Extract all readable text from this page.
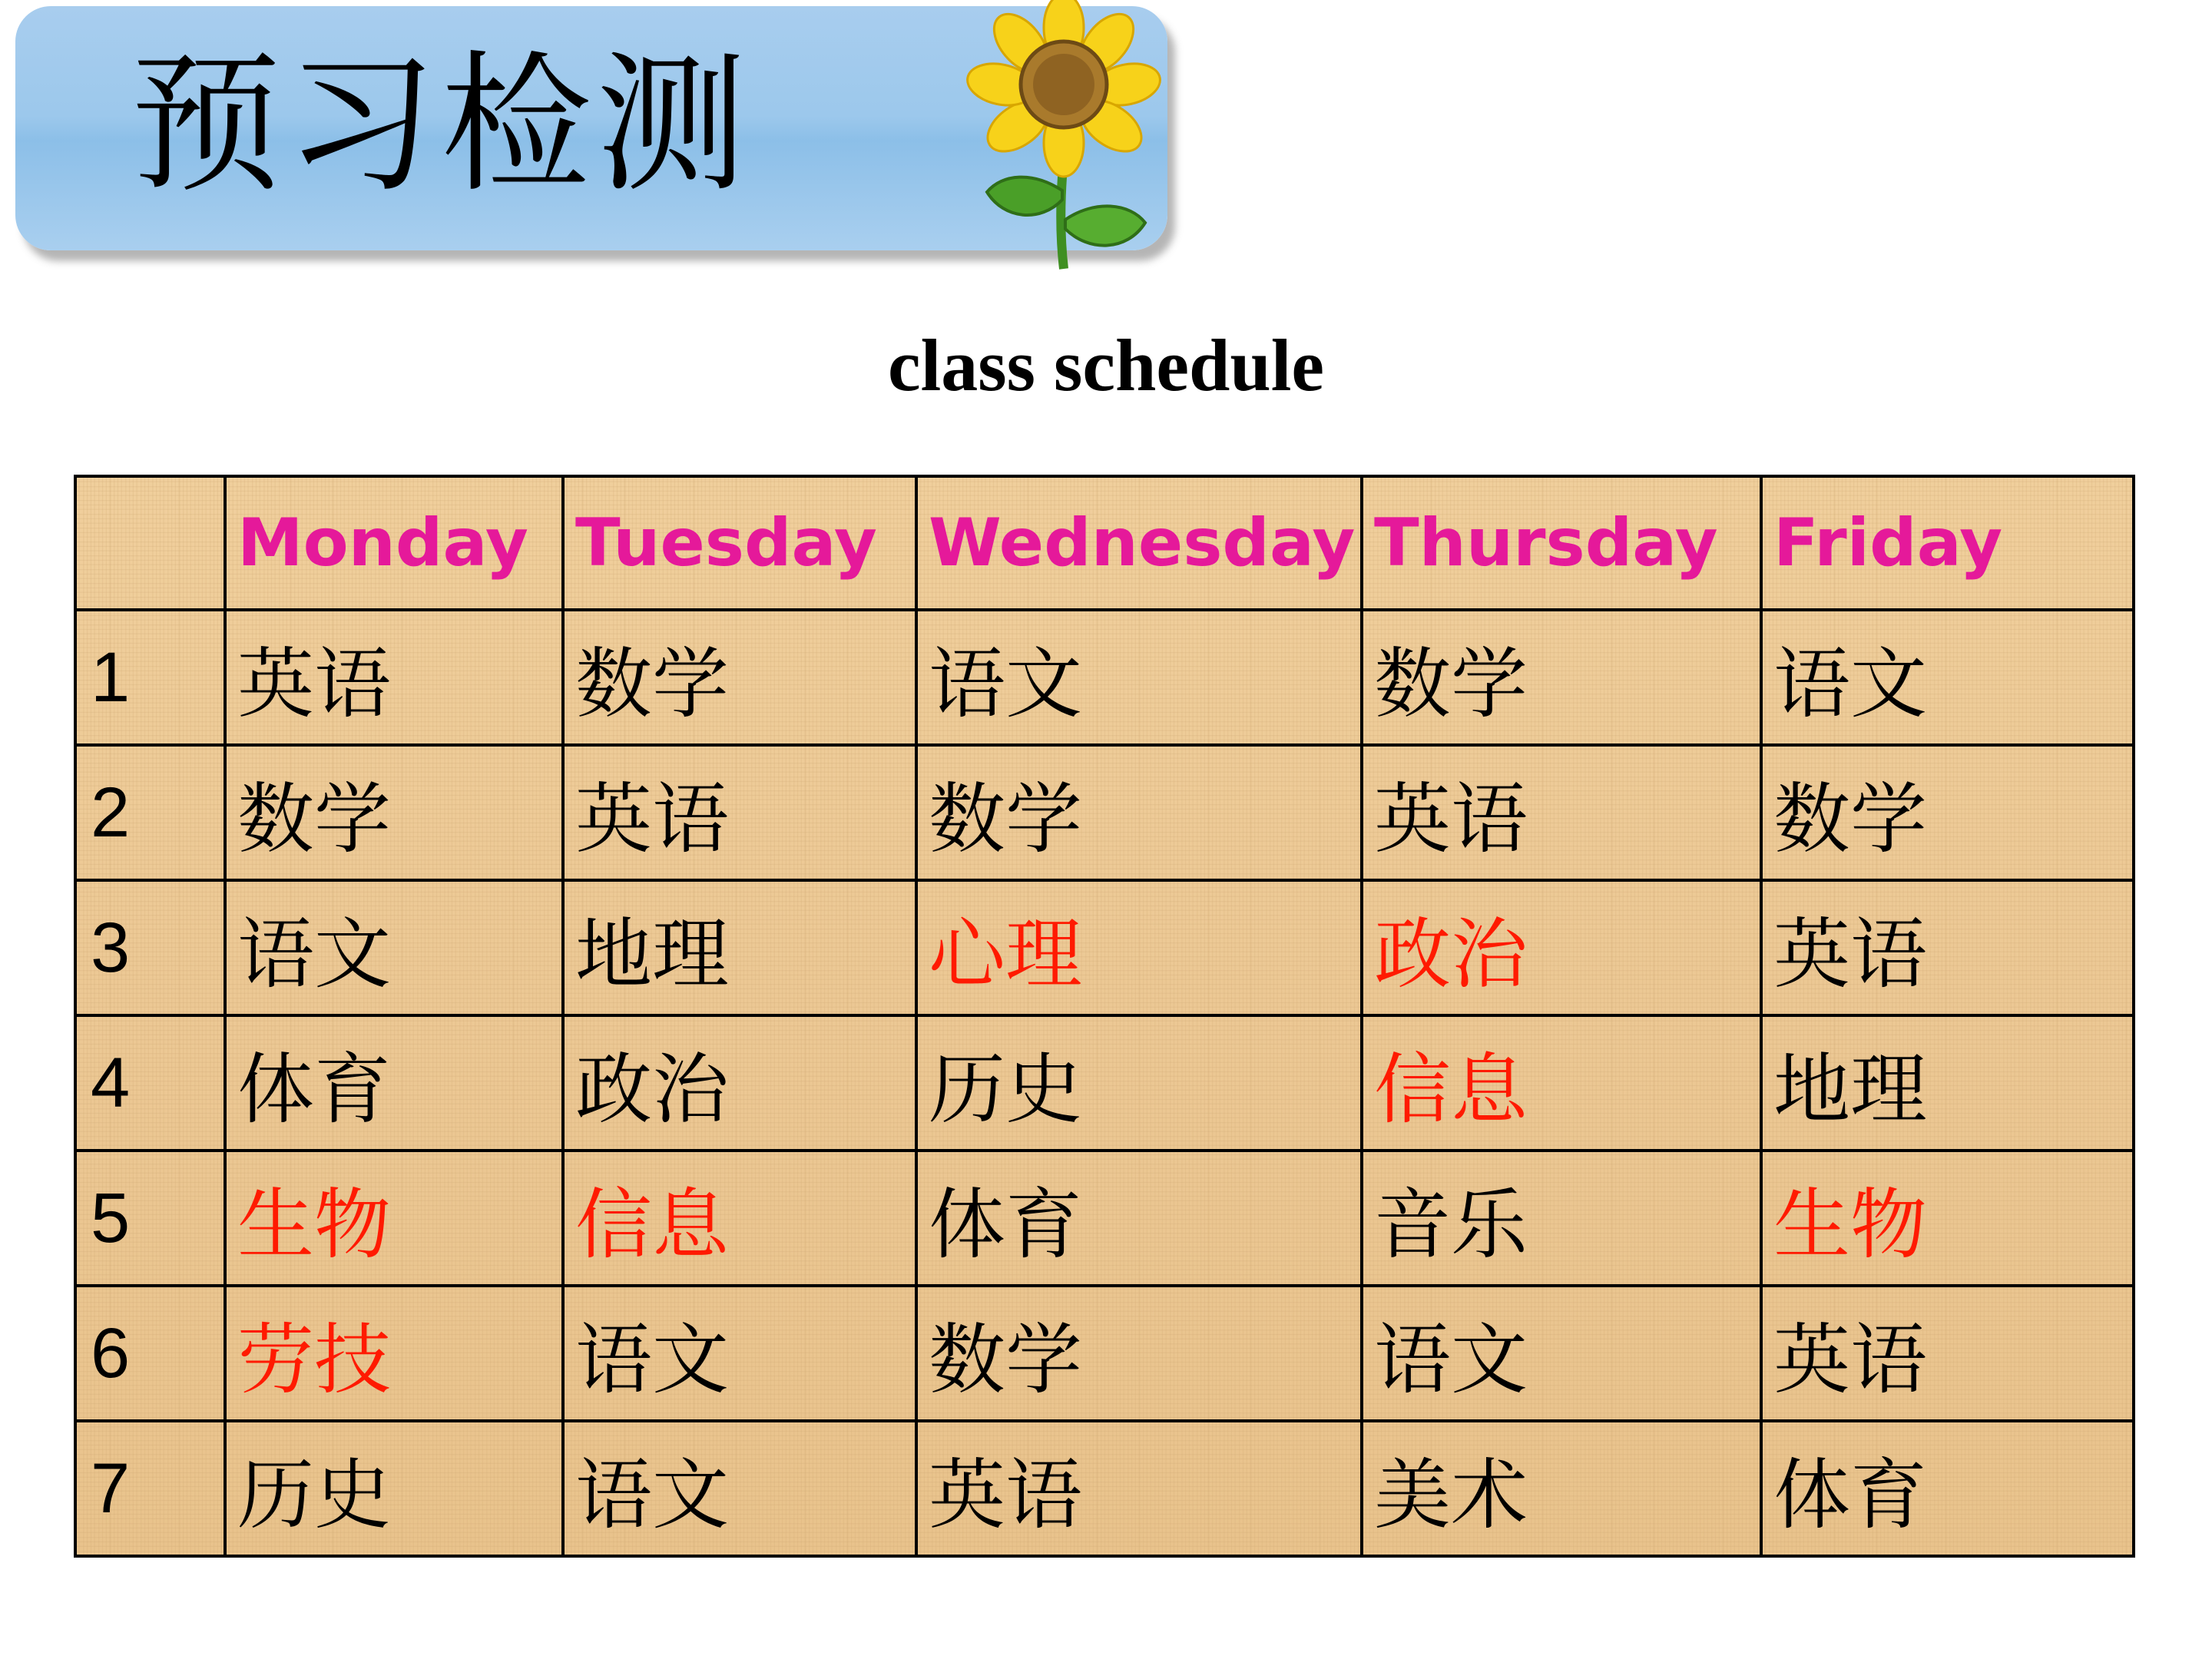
预习检测
class schedule
	Monday	Tuesday	Wednesday	Thursday	Friday
1	英语	数学	语文	数学	语文
2	数学	英语	数学	英语	数学
3	语文	地理	心理	政治	英语
4	体育	政治	历史	信息	地理
5	生物	信息	体育	音乐	生物
6	劳技	语文	数学	语文	英语
7	历史	语文	英语	美术	体育
